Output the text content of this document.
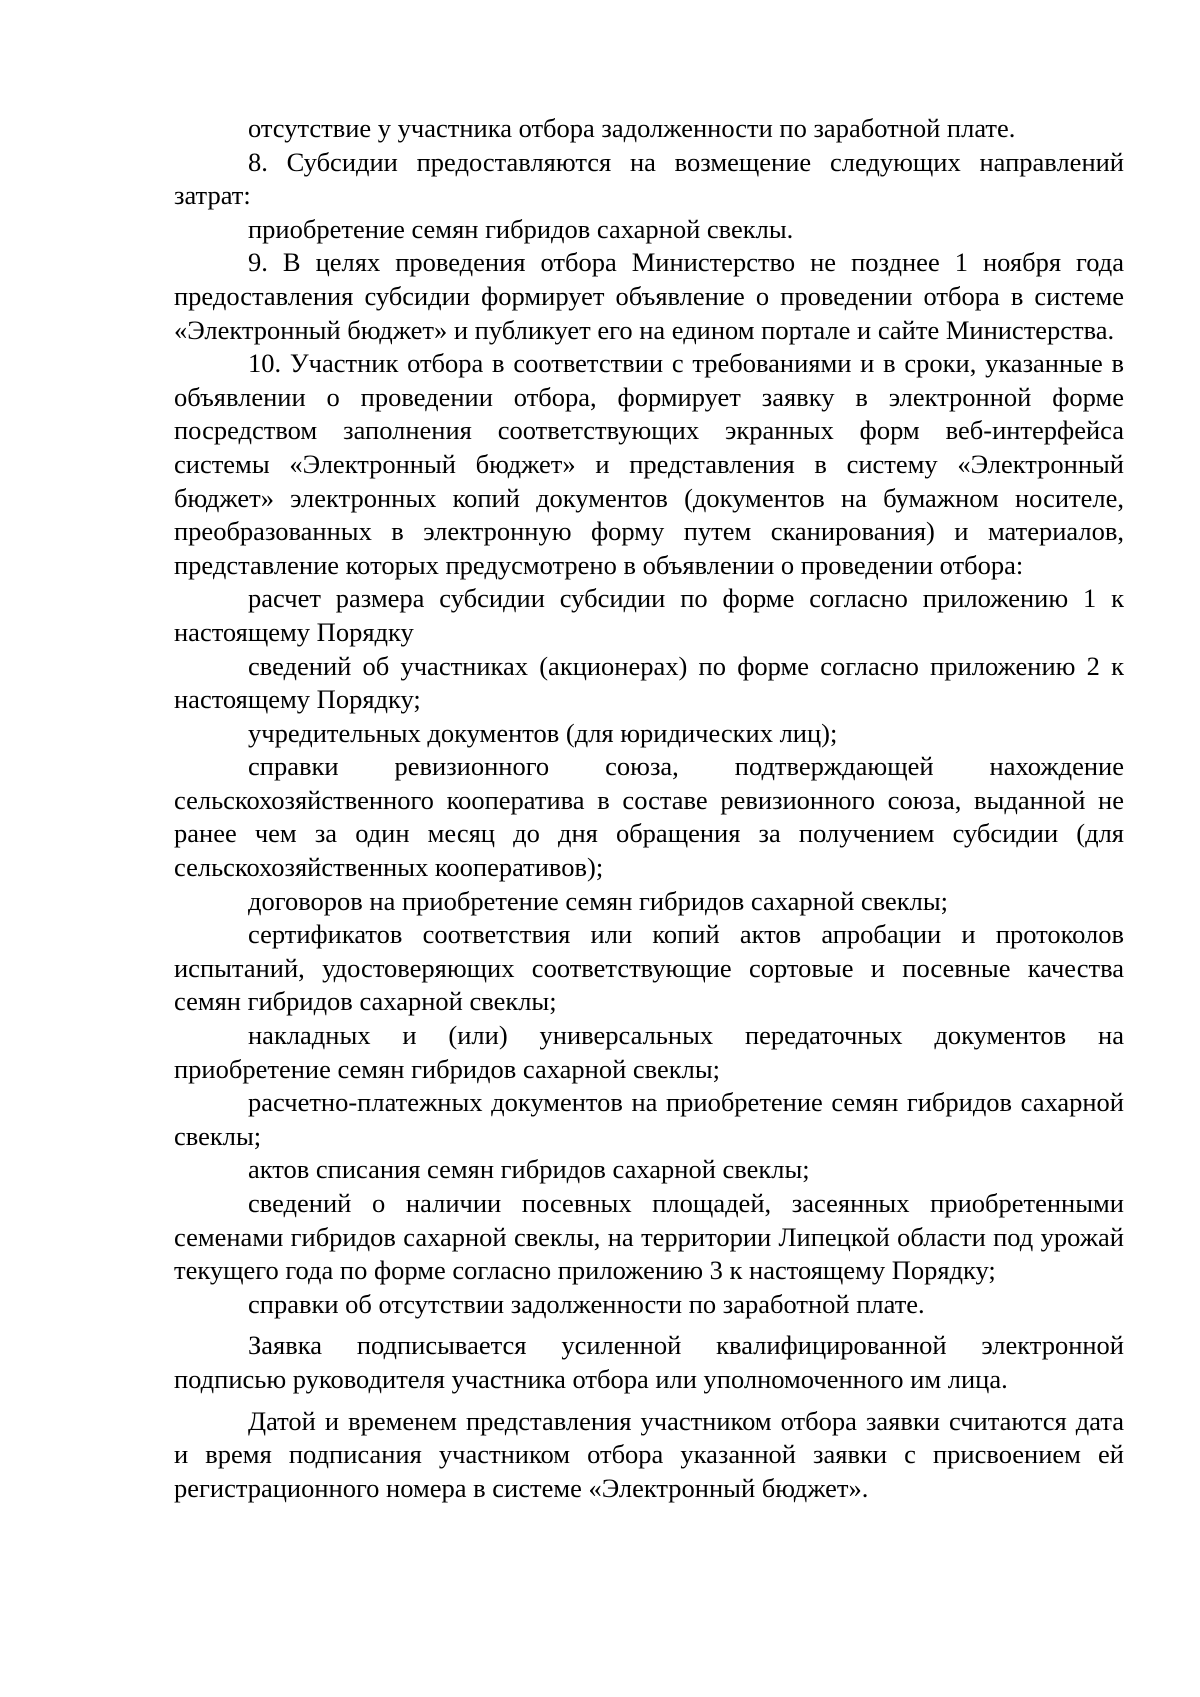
отсутствие у участника отбора задолженности по заработной плате.

8. Субсидии предоставляются на возмещение следующих направлений затрат:

приобретение семян гибридов сахарной свеклы.

9. В целях проведения отбора Министерство не позднее 1 ноября года предоставления субсидии формирует объявление о проведении отбора в системе «Электронный бюджет» и публикует его на едином портале и сайте Министерства.

10. Участник отбора в соответствии с требованиями и в сроки, указанные в объявлении о проведении отбора, формирует заявку в электронной форме посредством заполнения соответствующих экранных форм веб-интерфейса системы «Электронный бюджет» и представления в систему «Электронный бюджет» электронных копий документов (документов на бумажном носителе, преобразованных в электронную форму путем сканирования) и материалов, представление которых предусмотрено в объявлении о проведении отбора:

расчет размера субсидии субсидии по форме согласно приложению 1 к настоящему Порядку

сведений об участниках (акционерах) по форме согласно приложению 2 к настоящему Порядку;

учредительных документов (для юридических лиц);

справки ревизионного союза, подтверждающей нахождение сельскохозяйственного кооператива в составе ревизионного союза, выданной не ранее чем за один месяц до дня обращения за получением субсидии (для сельскохозяйственных кооперативов);

договоров на приобретение семян гибридов сахарной свеклы;

сертификатов соответствия или копий актов апробации и протоколов испытаний, удостоверяющих соответствующие сортовые и посевные качества семян гибридов сахарной свеклы;

накладных и (или) универсальных передаточных документов на приобретение семян гибридов сахарной свеклы;

расчетно-платежных документов на приобретение семян гибридов сахарной свеклы;

актов списания семян гибридов сахарной свеклы;

сведений о наличии посевных площадей, засеянных приобретенными семенами гибридов сахарной свеклы, на территории Липецкой области под урожай текущего года по форме согласно приложению 3 к настоящему Порядку;

справки об отсутствии задолженности по заработной плате.

Заявка подписывается усиленной квалифицированной электронной подписью руководителя участника отбора или уполномоченного им лица.

Датой и временем представления участником отбора заявки считаются дата и время подписания участником отбора указанной заявки с присвоением ей регистрационного номера в системе «Электронный бюджет».
